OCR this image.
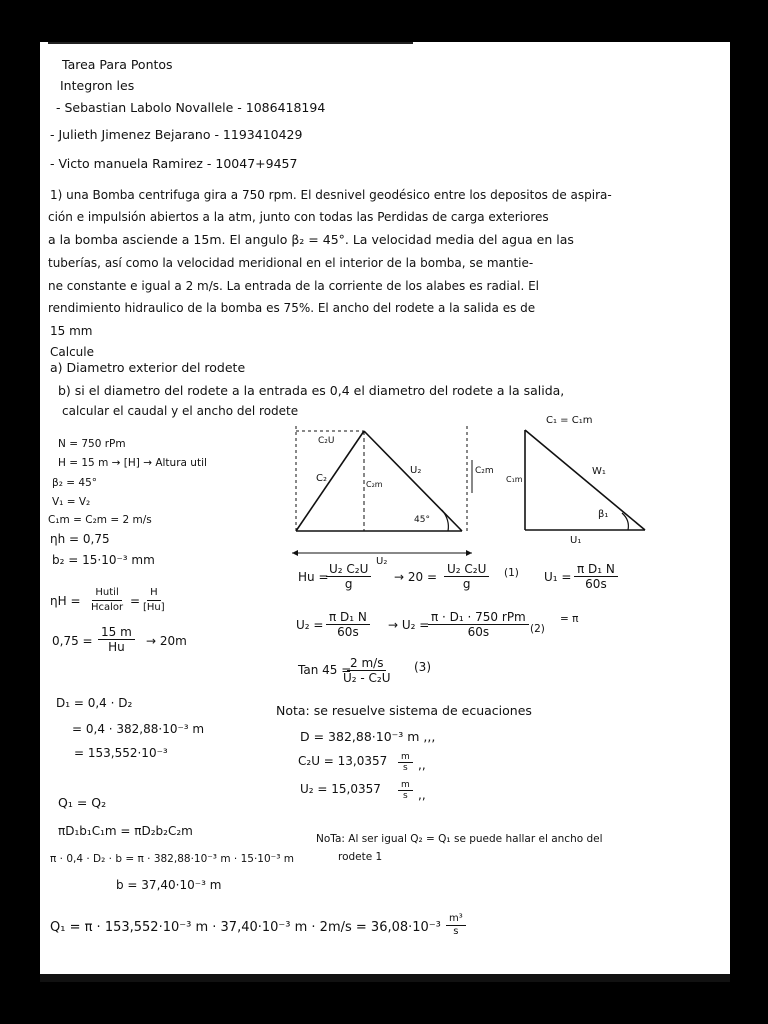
Tarea Para Pontos
Integron les
- Sebastian Labolo Novallele - 1086418194
- Julieth Jimenez Bejarano - 1193410429
- Victo manuela Ramirez - 10047+9457
1) una Bomba centrifuga gira a 750 rpm. El desnivel geodésico entre los depositos de aspira-
ción e impulsión abiertos a la atm, junto con todas las Perdidas de carga exteriores
a la bomba asciende a 15m. El angulo β₂ = 45°. La velocidad media del agua en las
tuberías, así como la velocidad meridional en el interior de la bomba, se mantie-
ne constante e igual a 2 m/s. La entrada de la corriente de los alabes es radial. El
rendimiento hidraulico de la bomba es 75%. El ancho del rodete a la salida es de
15 mm
Calcule
a) Diametro exterior del rodete
b) si el diametro del rodete a la entrada es 0,4 el diametro del rodete a la salida,
calcular el caudal y el ancho del rodete
N = 750 rPm
H = 15 m → [H] → Altura util
β₂ = 45°
V₁ = V₂
C₁m = C₂m = 2 m/s
ηh = 0,75
b₂ = 15·10⁻³ mm
ηH =
Hutil
Hcalor = $\frac{H}{[Hu]}$
$0,75 = \frac{15 m}{Hu} \to 20m$
C₂U
C₂
C₂m
U₂	C₂m
45°
U₂
C₁ = C₁m
C₁m
W₁
β₁
U₁
Hu =
$\frac{\text{U₂ C₂U}}{g} \to 20 = \frac{\text{U₂ C₂U}}{g} (1) U_1 = \frac{\text{π D₁ N}}{60s}$
$U_2 = \frac{\text{π D₁ N}}{60s} \to U_2$ =
π · D₁ · 750 rPm
60s	(2)
= π
Tan 45 =
$\frac{2 m/s}{\text{U₂ - C₂U}} (3)$
D₁ = 0,4 · D₂
= 0,4 · 382,88·10⁻³ m
= 153,552·10⁻³
Nota: se resuelve sistema de ecuaciones
D = 382,88·10⁻³ m ,,,
$C_2U = 13,0357 \frac{m}{s}$ ,,
$U_2 = 15,0357 \frac{m}{s}$ ,,
Q₁ = Q₂
πD₁b₁C₁m = πD₂b₂C₂m
NoTa: Al ser igual Q₂ = Q₁ se puede hallar el ancho del
rodete 1
π · 0,4 · D₂ · b = π · 382,88·10⁻³ m · 15·10⁻³ m
b = 37,40·10⁻³ m
Q₁ = π · 153,552·10⁻³ m · 37,40·10⁻³ $m \cdot 2m/s = 36,08\cdot 10^{-3} \frac{\text{m³}}{s}$
